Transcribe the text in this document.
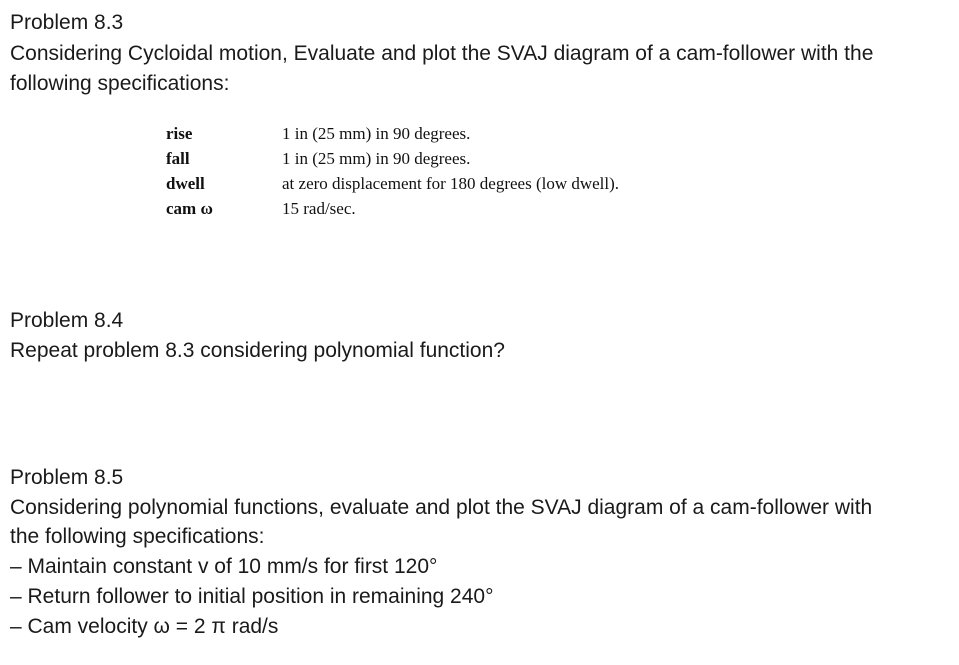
Problem 8.3
Considering Cycloidal motion, Evaluate and plot the SVAJ diagram of a cam-follower with the
following specifications:
rise	1 in (25 mm) in 90 degrees.
fall	1 in (25 mm) in 90 degrees.
dwell	at zero displacement for 180 degrees (low dwell).
cam ω	15 rad/sec.
Problem 8.4
Repeat problem 8.3 considering polynomial function?
Problem 8.5
Considering polynomial functions, evaluate and plot the SVAJ diagram of a cam-follower with
the following specifications:
– Maintain constant v of 10 mm/s for first 120°
– Return follower to initial position in remaining 240°
– Cam velocity ω = 2 π rad/s
